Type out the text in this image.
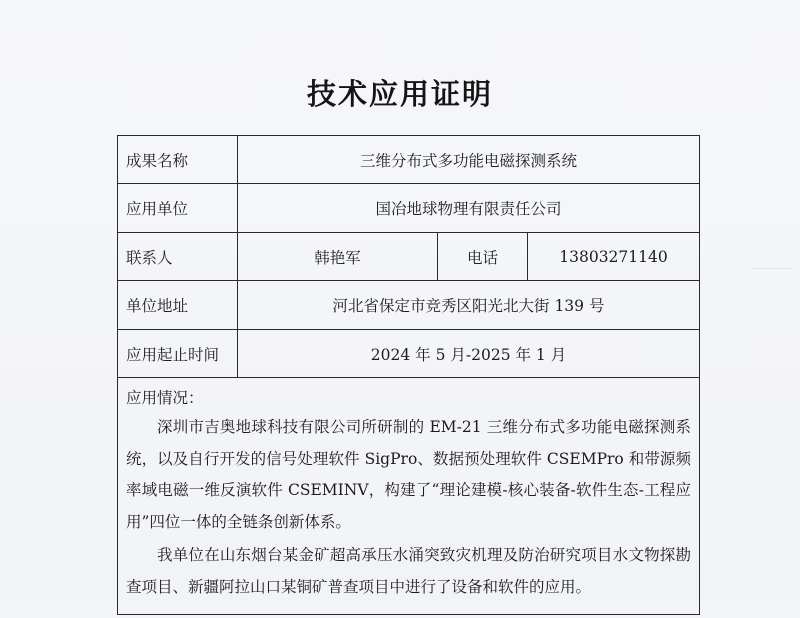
技术应用证明
成果名称	三维分布式多功能电磁探测系统
应用单位	国冶地球物理有限责任公司
联系人	韩艳军	电话	13803271140
单位地址	河北省保定市竞秀区阳光北大街 139 号
应用起止时间	2024 年 5 月-2025 年 1 月
应用情况：
深圳市吉奥地球科技有限公司所研制的 EM-21 三维分布式多功能电磁探测系统，以及自行开发的信号处理软件 SigPro、数据预处理软件 CSEMPro 和带源频率域电磁一维反演软件 CSEMINV，构建了“理论建模-核心装备-软件生态-工程应用”四位一体的全链条创新体系。
我单位在山东烟台某金矿超高承压水涌突致灾机理及防治研究项目水文物探勘查项目、新疆阿拉山口某铜矿普查项目中进行了设备和软件的应用。
